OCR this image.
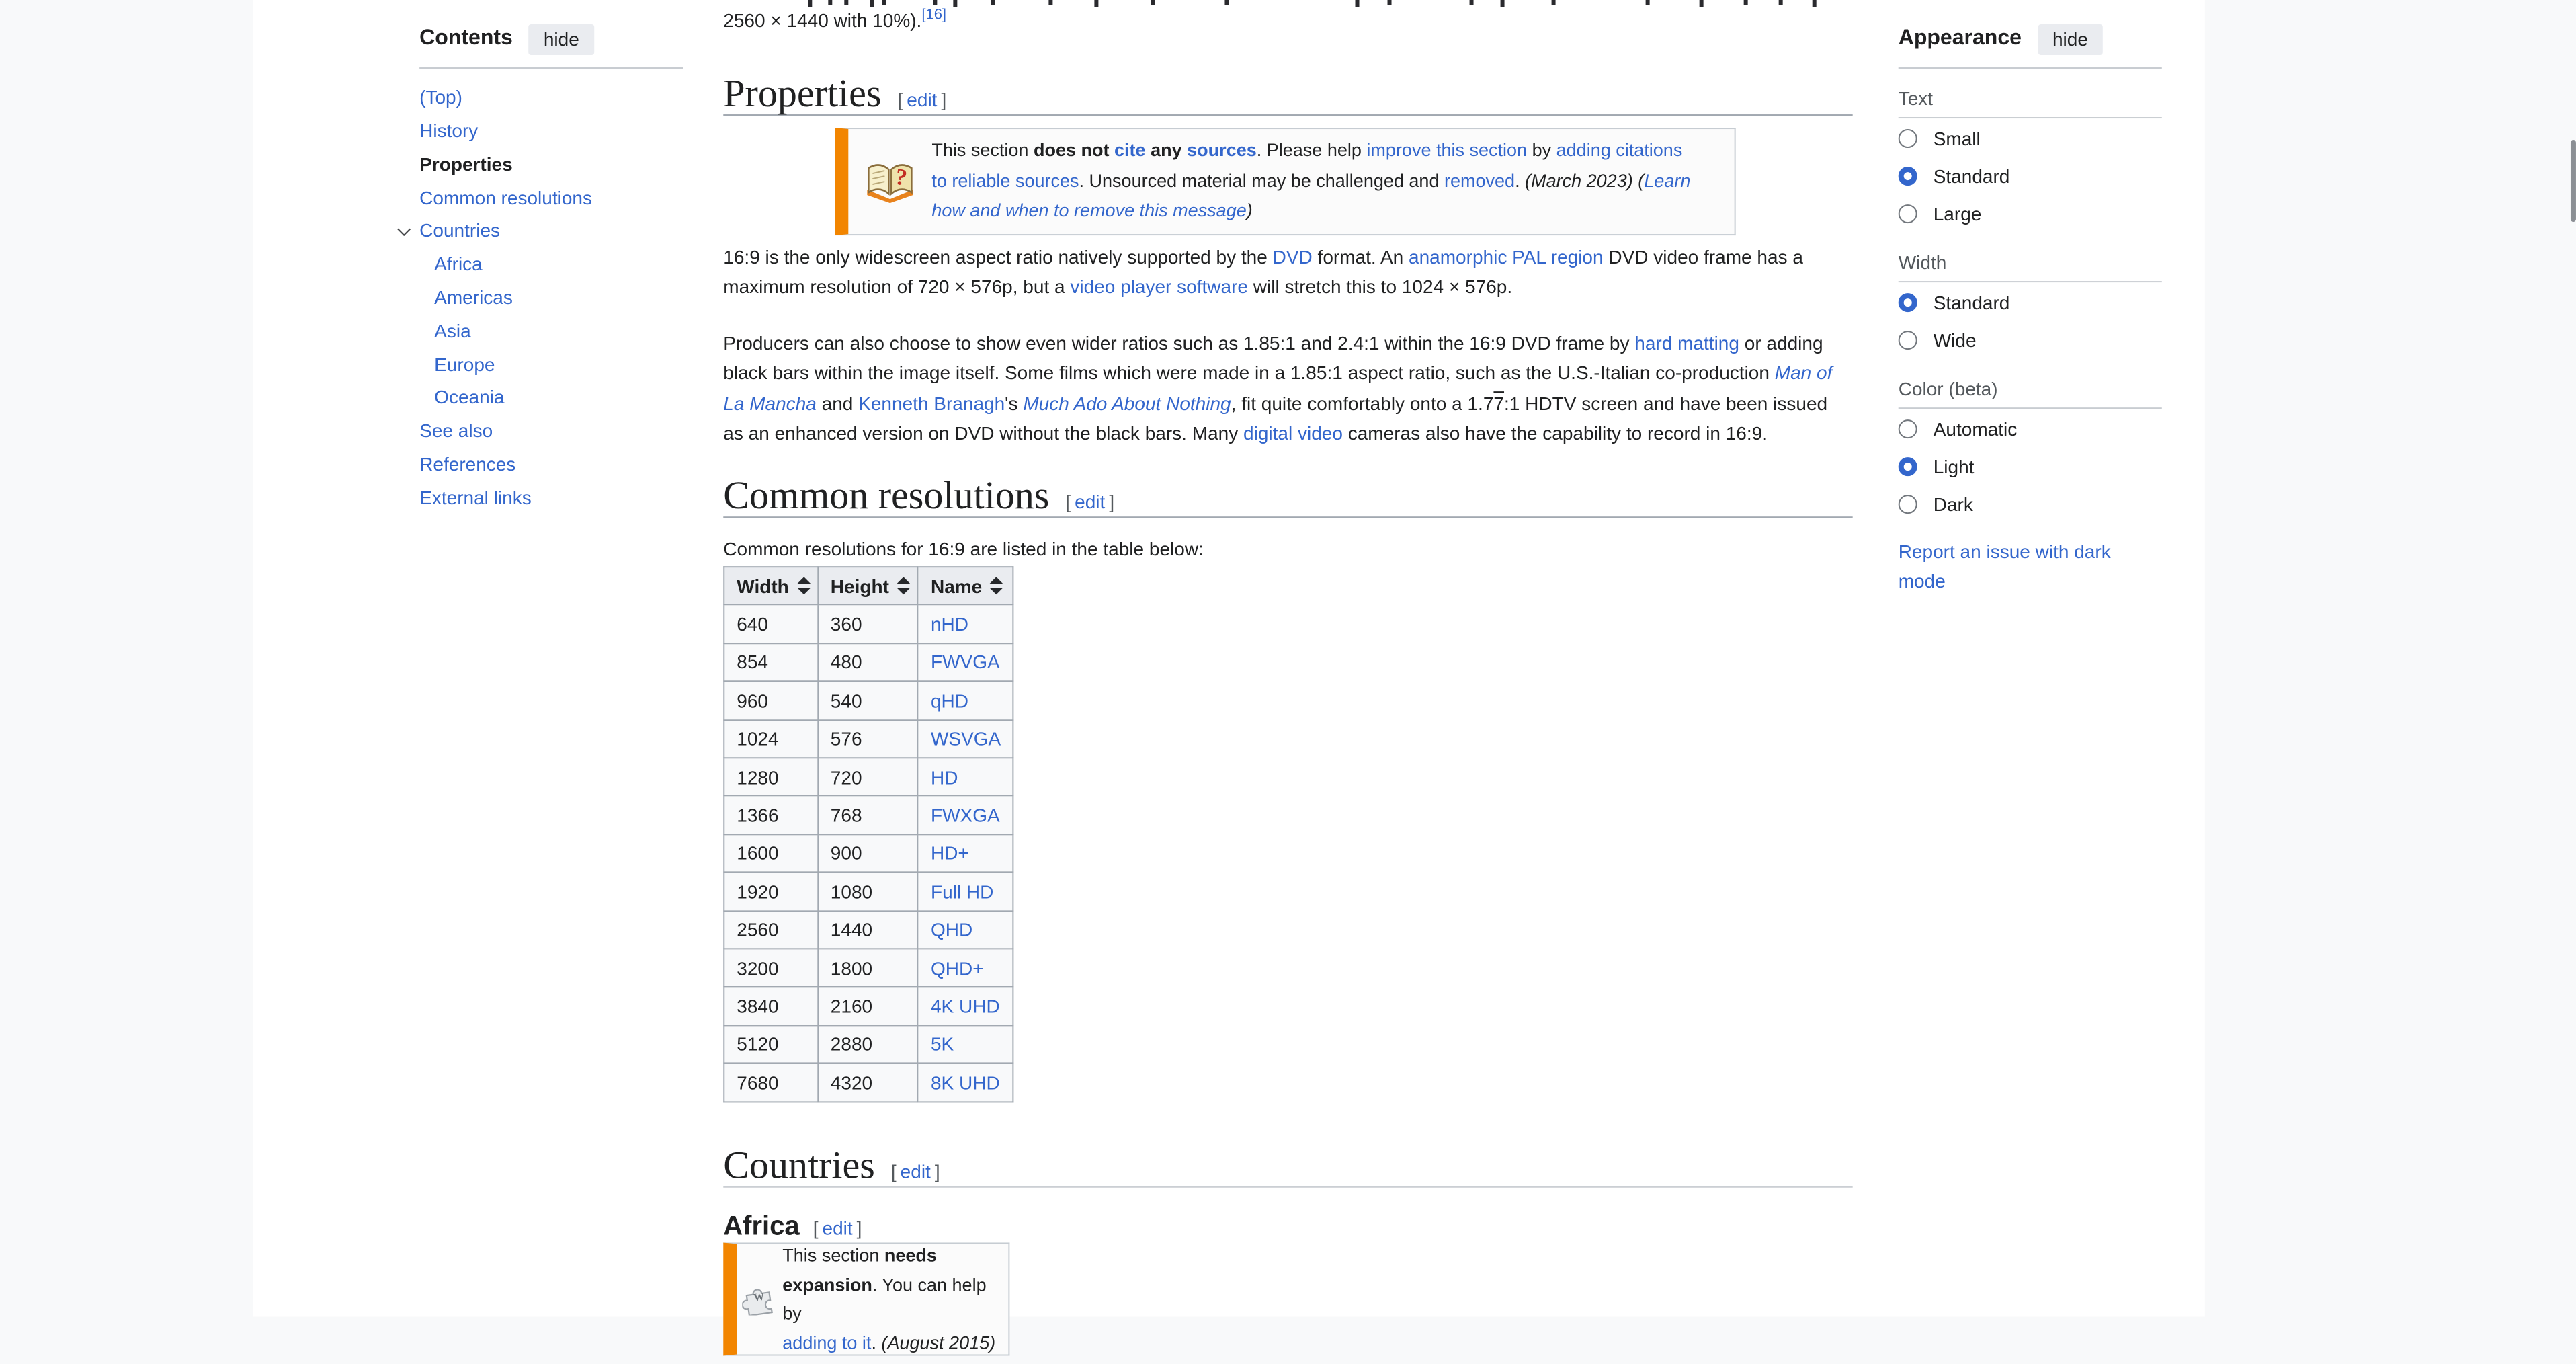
Contents	hide
(Top)
History
Properties
Common resolutions
Countries
Africa
Americas
Asia
Europe
Oceania
See also
References
External links

2560 × 1440 with 10%).[16]

Properties [ edit ]
?
This section does not cite any sources. Please help improve this section by adding citations
to reliable sources. Unsourced material may be challenged and removed. (March 2023) (Learn
how and when to remove this message)

16:9 is the only widescreen aspect ratio natively supported by the DVD format. An anamorphic PAL region DVD video frame has a
maximum resolution of 720 × 576p, but a video player software will stretch this to 1024 × 576p.

Producers can also choose to show even wider ratios such as 1.85:1 and 2.4:1 within the 16:9 DVD frame by hard matting or adding
black bars within the image itself. Some films which were made in a 1.85:1 aspect ratio, such as the U.S.-Italian co-production Man of
La Mancha and Kenneth Branagh's Much Ado About Nothing, fit quite comfortably onto a 1.77:1 HDTV screen and have been issued
as an enhanced version on DVD without the black bars. Many digital video cameras also have the capability to record in 16:9.

Common resolutions [ edit ]

Common resolutions for 16:9 are listed in the table below:

Width	Height	Name
640	360	nHD
854	480	FWVGA
960	540	qHD
1024	576	WSVGA
1280	720	HD
1366	768	FWXGA
1600	900	HD+
1920	1080	Full HD
2560	1440	QHD
3200	1800	QHD+
3840	2160	4K UHD
5120	2880	5K
7680	4320	8K UHD
Countries [ edit ]
Africa [ edit ]
W
This section needs
expansion. You can help by
adding to it. (August 2015)
Appearance	hide
Text
Small
Standard
Large
Width
Standard
Wide
Color (beta)
Automatic
Light
Dark
Report an issue with dark mode
